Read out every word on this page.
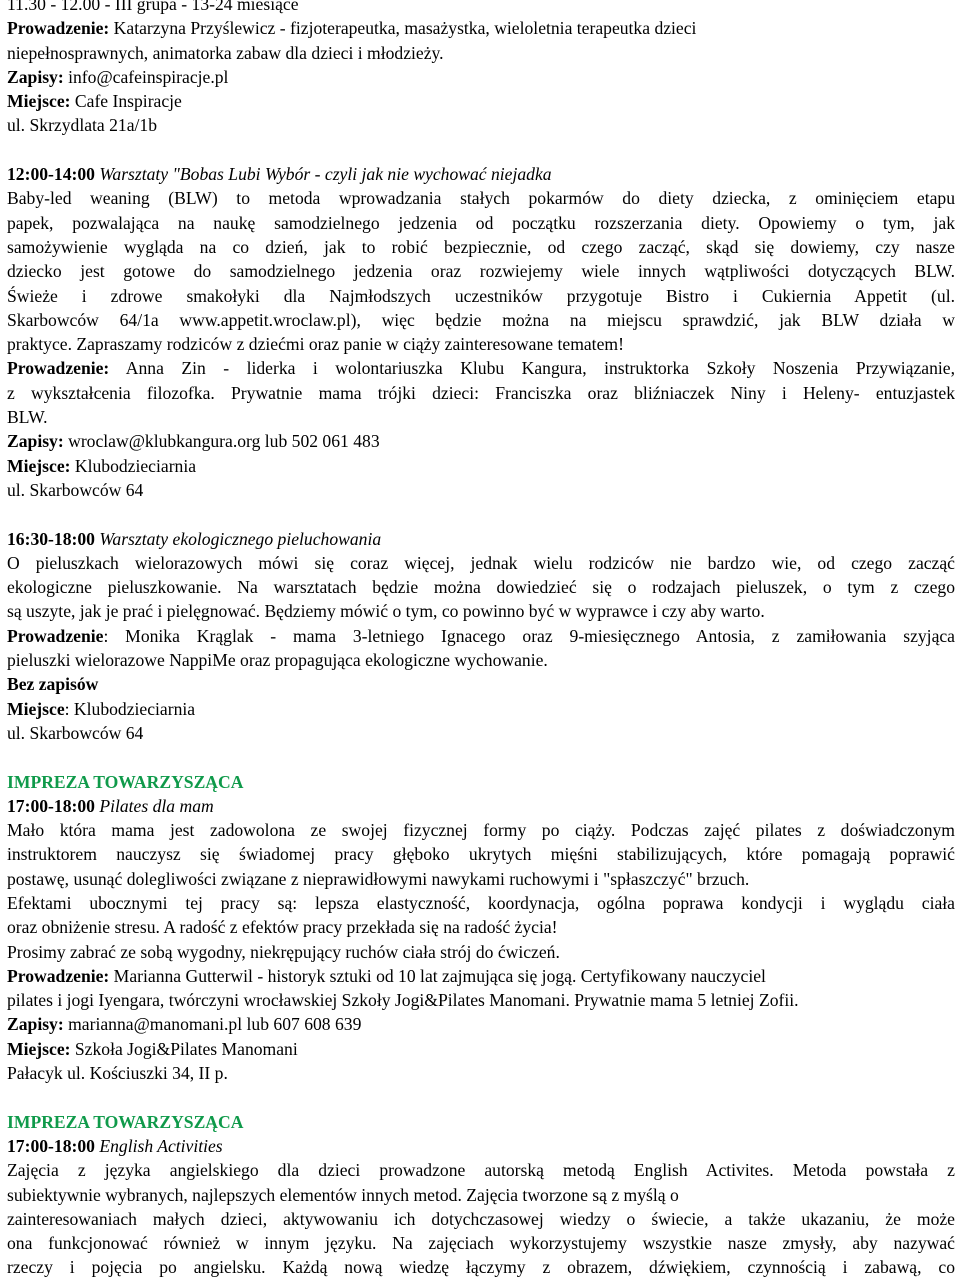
11.30 - 12.00 - III grupa - 13-24 miesiące
Prowadzenie: Katarzyna Przyślewicz - fizjoterapeutka, masażystka, wieloletnia terapeutka dzieci
niepełnosprawnych, animatorka zabaw dla dzieci i młodzieży.
Zapisy: info@cafeinspiracje.pl
Miejsce: Cafe Inspiracje
ul. Skrzydlata 21a/1b
12:00-14:00 Warsztaty "Bobas Lubi Wybór - czyli jak nie wychować niejadka
Baby-led weaning (BLW) to metoda wprowadzania stałych pokarmów do diety dziecka, z ominięciem etapu
papek, pozwalająca na naukę samodzielnego jedzenia od początku rozszerzania diety. Opowiemy o tym, jak
samożywienie wygląda na co dzień, jak to robić bezpiecznie, od czego zacząć, skąd się dowiemy, czy nasze
dziecko jest gotowe do samodzielnego jedzenia oraz rozwiejemy wiele innych wątpliwości dotyczących BLW.
Świeże i zdrowe smakołyki dla Najmłodszych uczestników przygotuje Bistro i Cukiernia Appetit (ul.
Skarbowców 64/1a www.appetit.wroclaw.pl), więc będzie można na miejscu sprawdzić, jak BLW działa w
praktyce. Zapraszamy rodziców z dziećmi oraz panie w ciąży zainteresowane tematem!
Prowadzenie: Anna Zin - liderka i wolontariuszka Klubu Kangura, instruktorka Szkoły Noszenia Przywiązanie,
z wykształcenia filozofka. Prywatnie mama trójki dzieci: Franciszka oraz bliźniaczek Niny i Heleny- entuzjastek
BLW.
Zapisy: wroclaw@klubkangura.org lub 502 061 483
Miejsce: Klubodzieciarnia
ul. Skarbowców 64
16:30-18:00 Warsztaty ekologicznego pieluchowania
O pieluszkach wielorazowych mówi się coraz więcej, jednak wielu rodziców nie bardzo wie, od czego zacząć
ekologiczne pieluszkowanie. Na warsztatach będzie można dowiedzieć się o rodzajach pieluszek, o tym z czego
są uszyte, jak je prać i pielęgnować. Będziemy mówić o tym, co powinno być w wyprawce i czy aby warto.
Prowadzenie: Monika Krąglak - mama 3-letniego Ignacego oraz 9-miesięcznego Antosia, z zamiłowania szyjąca
pieluszki wielorazowe NappiMe oraz propagująca ekologiczne wychowanie.
Bez zapisów
Miejsce: Klubodzieciarnia
ul. Skarbowców 64
IMPREZA TOWARZYSZĄCA
17:00-18:00 Pilates dla mam
Mało która mama jest zadowolona ze swojej fizycznej formy po ciąży. Podczas zajęć pilates z doświadczonym
instruktorem nauczysz się świadomej pracy głęboko ukrytych mięśni stabilizujących, które pomagają poprawić
postawę, usunąć dolegliwości związane z nieprawidłowymi nawykami ruchowymi i "spłaszczyć" brzuch.
Efektami ubocznymi tej pracy są: lepsza elastyczność, koordynacja, ogólna poprawa kondycji i wyglądu ciała
oraz obniżenie stresu. A radość z efektów pracy przekłada się na radość życia!
Prosimy zabrać ze sobą wygodny, niekrępujący ruchów ciała strój do ćwiczeń.
Prowadzenie: Marianna Gutterwil - historyk sztuki od 10 lat zajmująca się jogą. Certyfikowany nauczyciel
pilates i jogi Iyengara, twórczyni wrocławskiej Szkoły Jogi&Pilates Manomani. Prywatnie mama 5 letniej Zofii.
Zapisy: marianna@manomani.pl lub 607 608 639
Miejsce: Szkoła Jogi&Pilates Manomani
Pałacyk ul. Kościuszki 34, II p.
IMPREZA TOWARZYSZĄCA
17:00-18:00 English Activities
Zajęcia z języka angielskiego dla dzieci prowadzone autorską metodą English Activites. Metoda powstała z
subiektywnie wybranych, najlepszych elementów innych metod. Zajęcia tworzone są z myślą o
zainteresowaniach małych dzieci, aktywowaniu ich dotychczasowej wiedzy o świecie, a także ukazaniu, że może
ona funkcjonować również w innym języku. Na zajęciach wykorzystujemy wszystkie nasze zmysły, aby nazywać
rzeczy i pojęcia po angielsku. Każdą nową wiedzę łączymy z obrazem, dźwiękiem, czynnością i zabawą, co
